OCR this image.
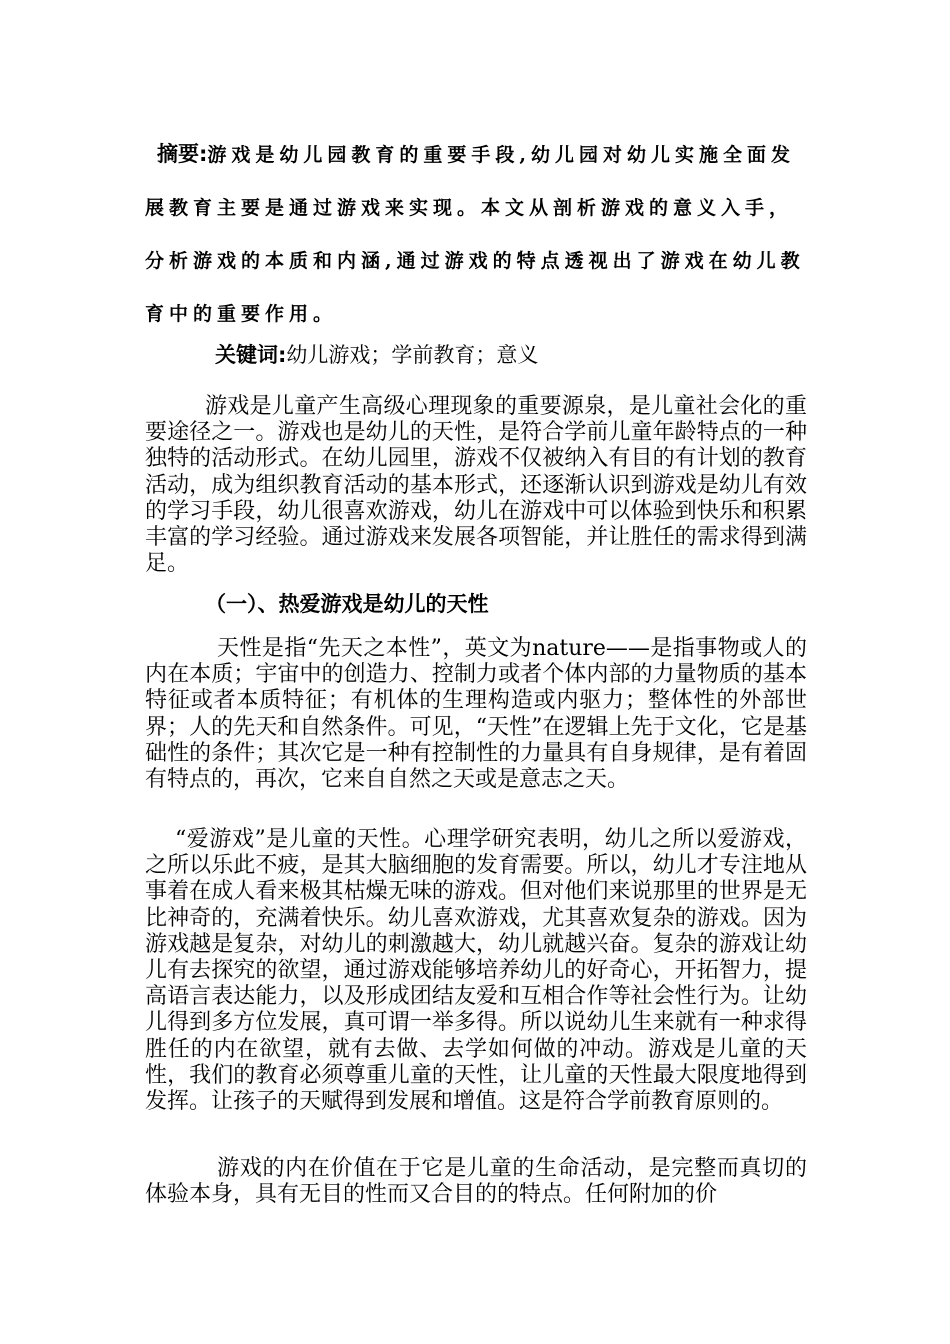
摘要:游戏是幼儿园教育的重要手段,幼儿园对幼儿实施全面发展教育主要是通过游戏来实现。本文从剖析游戏的意义入手，分析游戏的本质和内涵,通过游戏的特点透视出了游戏在幼儿教育中的重要作用。
关键词:幼儿游戏；学前教育；意义

游戏是儿童产生高级心理现象的重要源泉，是儿童社会化的重要途径之一。游戏也是幼儿的天性，是符合学前儿童年龄特点的一种独特的活动形式。在幼儿园里，游戏不仅被纳入有目的有计划的教育活动，成为组织教育活动的基本形式，还逐渐认识到游戏是幼儿有效的学习手段，幼儿很喜欢游戏，幼儿在游戏中可以体验到快乐和积累丰富的学习经验。通过游戏来发展各项智能，并让胜任的需求得到满足。

（一）、热爱游戏是幼儿的天性

天性是指“先天之本性”，英文为nature——是指事物或人的内在本质；宇宙中的创造力、控制力或者个体内部的力量物质的基本特征或者本质特征；有机体的生理构造或内驱力；整体性的外部世界；人的先天和自然条件。可见，“天性”在逻辑上先于文化，它是基础性的条件；其次它是一种有控制性的力量具有自身规律，是有着固有特点的，再次，它来自自然之天或是意志之天。

“爱游戏”是儿童的天性。心理学研究表明，幼儿之所以爱游戏，之所以乐此不疲，是其大脑细胞的发育需要。所以，幼儿才专注地从事着在成人看来极其枯燥无味的游戏。但对他们来说那里的世界是无比神奇的，充满着快乐。幼儿喜欢游戏，尤其喜欢复杂的游戏。因为游戏越是复杂，对幼儿的刺激越大，幼儿就越兴奋。复杂的游戏让幼儿有去探究的欲望，通过游戏能够培养幼儿的好奇心，开拓智力，提高语言表达能力，以及形成团结友爱和互相合作等社会性行为。让幼儿得到多方位发展，真可谓一举多得。所以说幼儿生来就有一种求得胜任的内在欲望，就有去做、去学如何做的冲动。游戏是儿童的天性，我们的教育必须尊重儿童的天性，让儿童的天性最大限度地得到发挥。让孩子的天赋得到发展和增值。这是符合学前教育原则的。

游戏的内在价值在于它是儿童的生命活动，是完整而真切的体验本身，具有无目的性而又合目的的特点。任何附加的价
